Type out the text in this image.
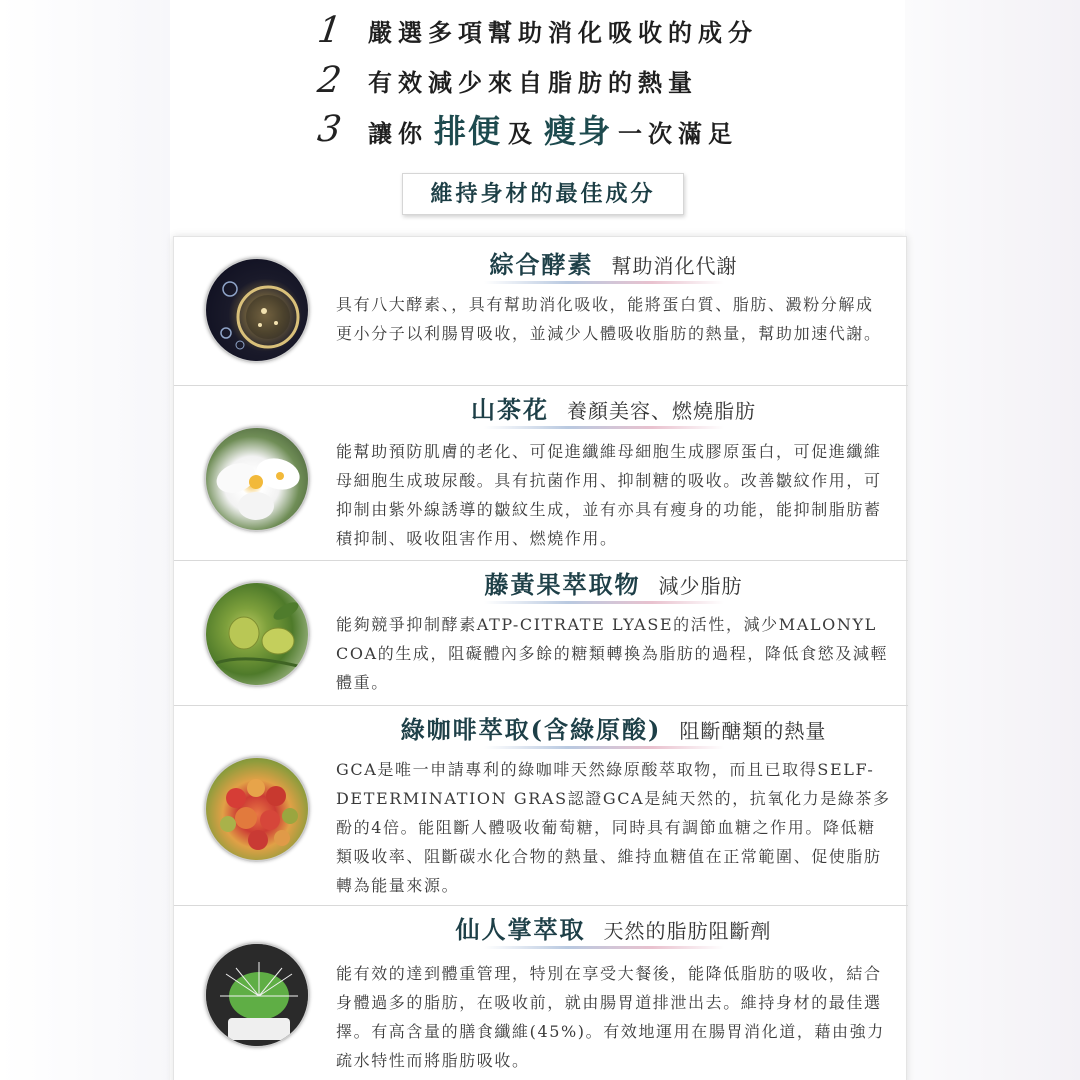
1	嚴選多項幫助消化吸收的成分
2	有效減少來自脂肪的熱量
3	讓你 排便 及 瘦身 一次滿足
維持身材的最佳成分
綜合酵素 幫助消化代謝
具有八大酵素、，具有幫助消化吸收，能將蛋白質、脂肪、澱粉分解成更小分子以利腸胃吸收，並減少人體吸收脂肪的熱量，幫助加速代謝。
山茶花 養顏美容、燃燒脂肪
能幫助預防肌膚的老化、可促進纖維母細胞生成膠原蛋白，可促進纖維母細胞生成玻尿酸。具有抗菌作用、抑制糖的吸收。改善皺紋作用，可抑制由紫外線誘導的皺紋生成，並有亦具有瘦身的功能，能抑制脂肪蓄積抑制、吸收阻害作用、燃燒作用。
藤黃果萃取物 減少脂肪
能夠競爭抑制酵素ATP-CITRATE LYASE的活性，減少MALONYL COA的生成，阻礙體內多餘的糖類轉換為脂肪的過程，降低食慾及減輕體重。
綠咖啡萃取(含綠原酸) 阻斷醣類的熱量
GCA是唯一申請專利的綠咖啡天然綠原酸萃取物，而且已取得SELF-DETERMINATION GRAS認證GCA是純天然的，抗氧化力是綠茶多酚的4倍。能阻斷人體吸收葡萄糖，同時具有調節血糖之作用。降低糖類吸收率、阻斷碳水化合物的熱量、維持血糖值在正常範圍、促使脂肪轉為能量來源。
仙人掌萃取 天然的脂肪阻斷劑
能有效的達到體重管理，特別在享受大餐後，能降低脂肪的吸收，結合身體過多的脂肪，在吸收前，就由腸胃道排泄出去。維持身材的最佳選擇。有高含量的膳食纖維(45%)。有效地運用在腸胃消化道，藉由強力疏水特性而將脂肪吸收。
